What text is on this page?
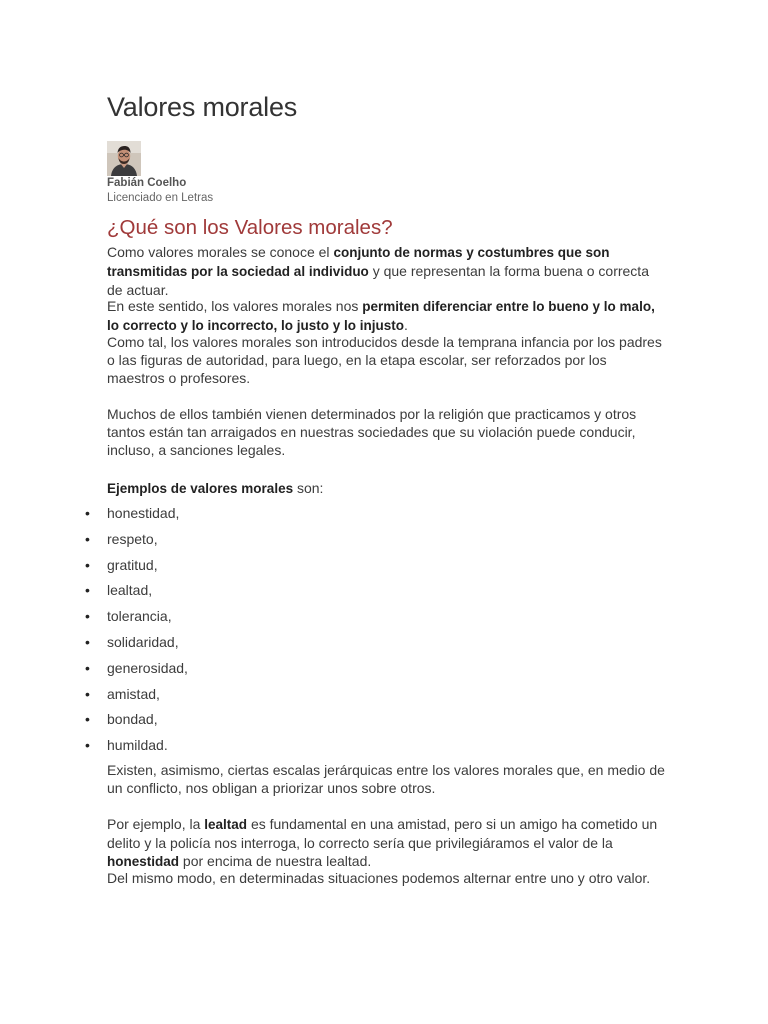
Valores morales
Fabián Coelho
Licenciado en Letras
¿Qué son los Valores morales?

Como valores morales se conoce el conjunto de normas y costumbres que son transmitidas por la sociedad al individuo y que representan la forma buena o correcta de actuar.

En este sentido, los valores morales nos permiten diferenciar entre lo bueno y lo malo, lo correcto y lo incorrecto, lo justo y lo injusto.

Como tal, los valores morales son introducidos desde la temprana infancia por los padres o las figuras de autoridad, para luego, en la etapa escolar, ser reforzados por los maestros o profesores.

Muchos de ellos también vienen determinados por la religión que practicamos y otros tantos están tan arraigados en nuestras sociedades que su violación puede conducir, incluso, a sanciones legales.

Ejemplos de valores morales son:
• honestidad,
• respeto,
• gratitud,
• lealtad,
• tolerancia,
• solidaridad,
• generosidad,
• amistad,
• bondad,
• humildad.

Existen, asimismo, ciertas escalas jerárquicas entre los valores morales que, en medio de un conflicto, nos obligan a priorizar unos sobre otros.

Por ejemplo, la lealtad es fundamental en una amistad, pero si un amigo ha cometido un delito y la policía nos interroga, lo correcto sería que privilegiáramos el valor de la honestidad por encima de nuestra lealtad.

Del mismo modo, en determinadas situaciones podemos alternar entre uno y otro valor.
